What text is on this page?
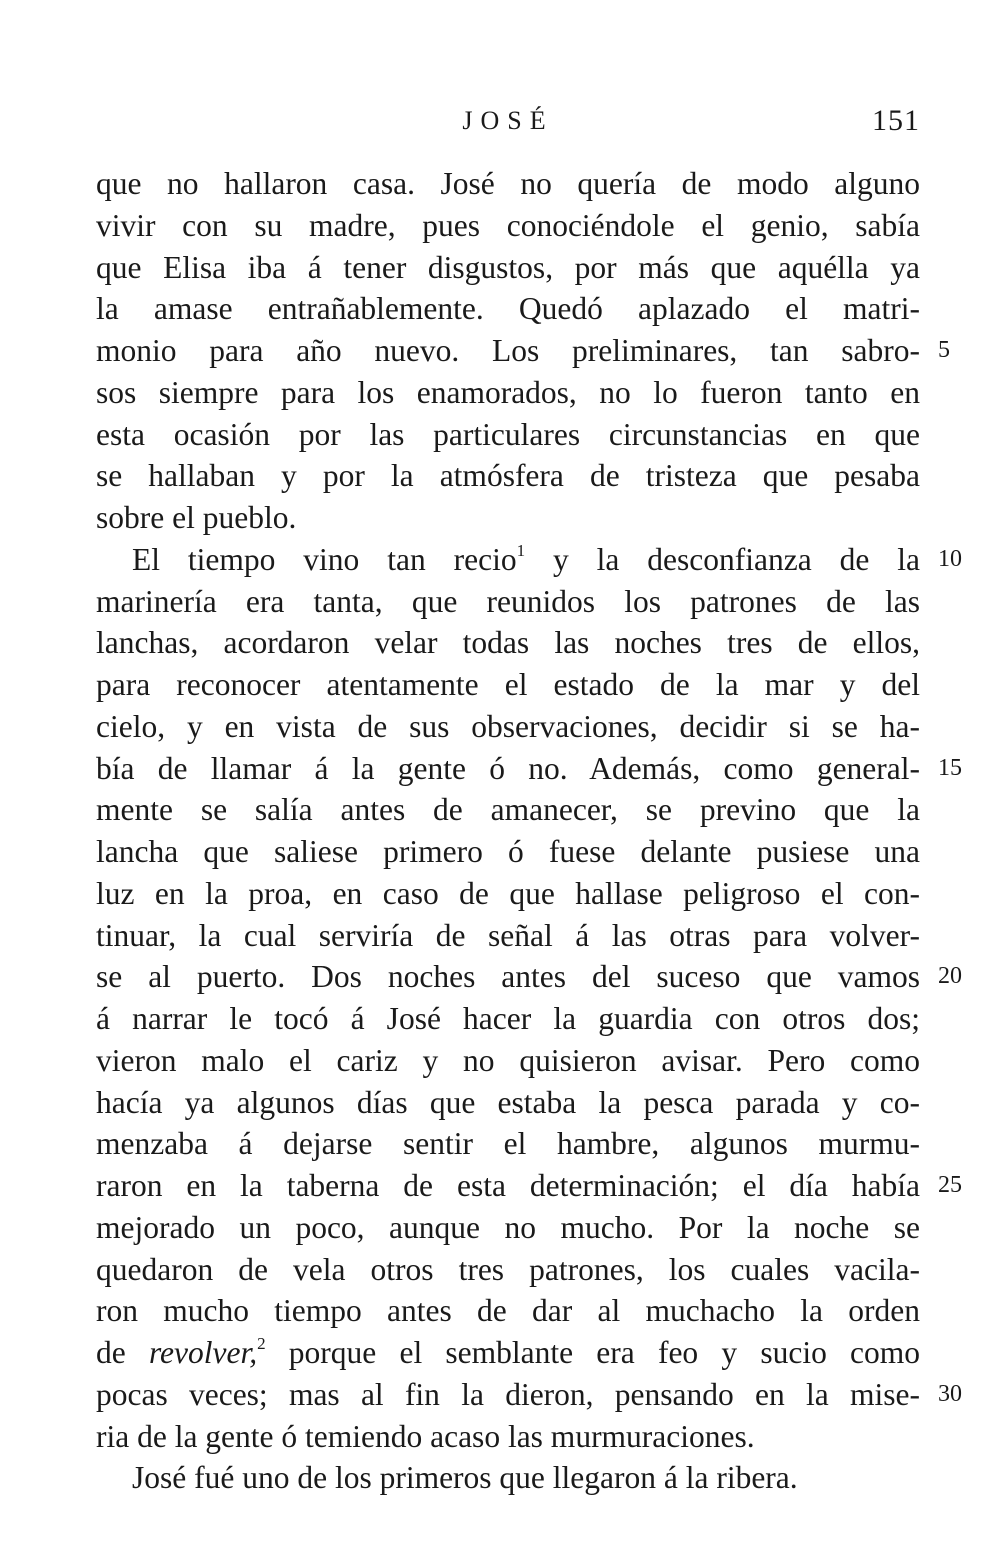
JOSÉ	151
que no hallaron casa. José no quería de modo alguno
vivir con su madre, pues conociéndole el genio, sabía
que Elisa iba á tener disgustos, por más que aquélla ya
la amase entrañablemente. Quedó aplazado el matri-
monio para año nuevo. Los preliminares, tan sabro- 5
sos siempre para los enamorados, no lo fueron tanto en
esta ocasión por las particulares circunstancias en que
se hallaban y por la atmósfera de tristeza que pesaba
sobre el pueblo.
El tiempo vino tan recio$^1$ y la desconfianza de la 10
marinería era tanta, que reunidos los patrones de las
lanchas, acordaron velar todas las noches tres de ellos,
para reconocer atentamente el estado de la mar y del
cielo, y en vista de sus observaciones, decidir si se ha-
bía de llamar á la gente ó no. Además, como general- 15
mente se salía antes de amanecer, se previno que la
lancha que saliese primero ó fuese delante pusiese una
luz en la proa, en caso de que hallase peligroso el con-
tinuar, la cual serviría de señal á las otras para volver-
se al puerto. Dos noches antes del suceso que vamos 20
á narrar le tocó á José hacer la guardia con otros dos;
vieron malo el cariz y no quisieron avisar. Pero como
hacía ya algunos días que estaba la pesca parada y co-
menzaba á dejarse sentir el hambre, algunos murmu-
raron en la taberna de esta determinación; el día había 25
mejorado un poco, aunque no mucho. Por la noche se
quedaron de vela otros tres patrones, los cuales vacila-
ron mucho tiempo antes de dar al muchacho la orden
de revolver,$^2$ porque el semblante era feo y sucio como
pocas veces; mas al fin la dieron, pensando en la mise- 30
ria de la gente ó temiendo acaso las murmuraciones.
José fué uno de los primeros que llegaron á la ribera.
